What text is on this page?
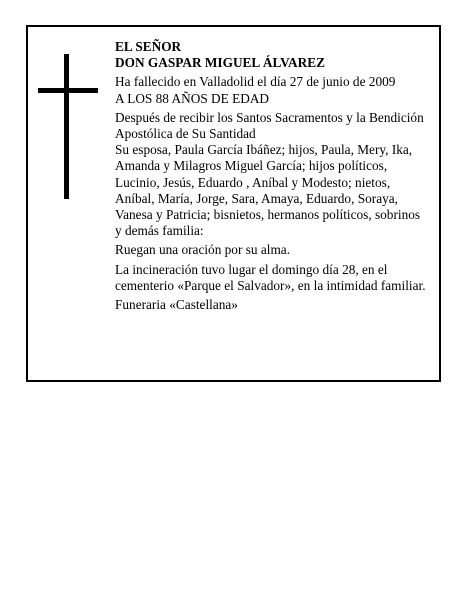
EL SEÑOR

DON GASPAR MIGUEL ÁLVAREZ

Ha fallecido en Valladolid el día 27 de junio de 2009

A LOS 88 AÑOS DE EDAD

Después de recibir los Santos Sacramentos y la Bendición Apostólica de Su Santidad

Su esposa, Paula García Ibáñez; hijos, Paula, Mery, Ika, Amanda y Milagros Miguel García; hijos políticos, Lucinio, Jesús, Eduardo , Aníbal y Modesto; nietos, Aníbal, María, Jorge, Sara, Amaya, Eduardo, Soraya, Vanesa y Patricia; bisnietos, hermanos políticos, sobrinos y demás familia:

Ruegan una oración por su alma.

La incineración tuvo lugar el domingo día 28, en el cementerio «Parque el Salvador», en la intimidad familiar.

Funeraria «Castellana»
